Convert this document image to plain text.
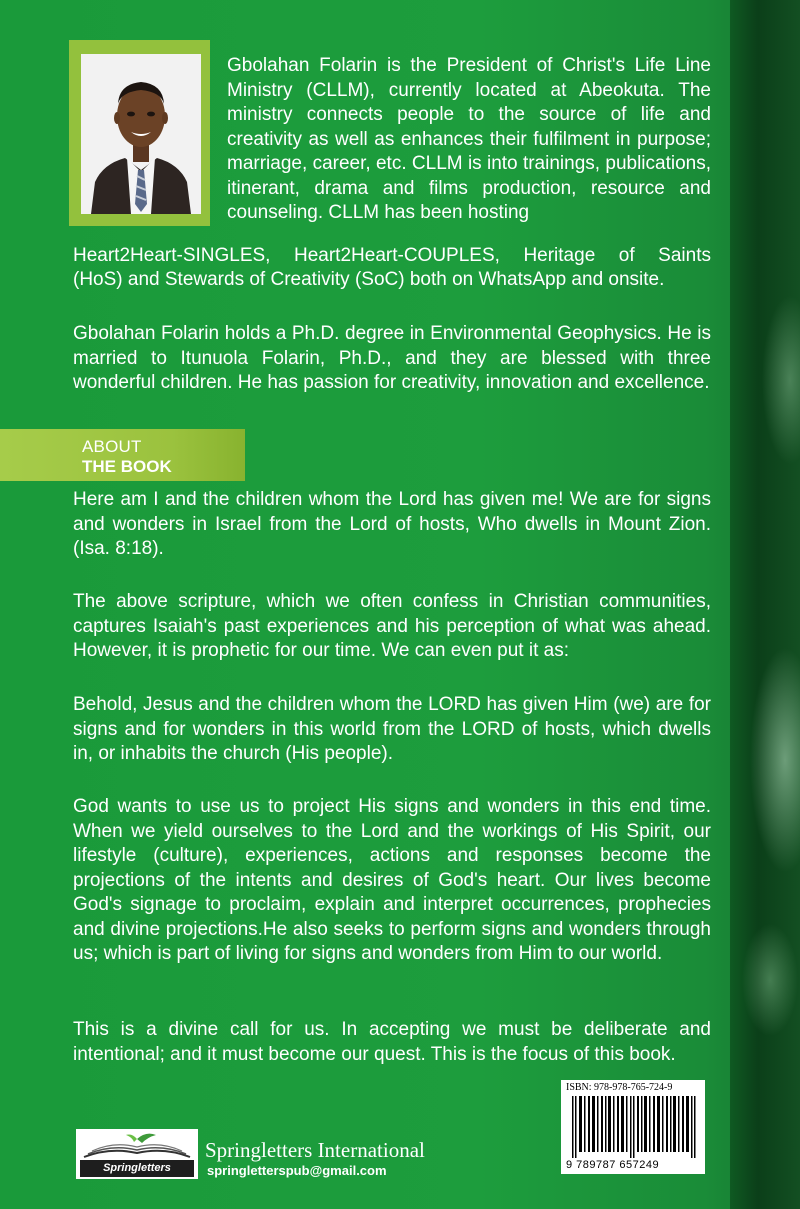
Gbolahan Folarin is the President of Christ's Life Line Ministry (CLLM), currently located at Abeokuta. The ministry connects people to the source of life and creativity as well as enhances their fulfilment in purpose; marriage, career, etc. CLLM is into trainings, publications, itinerant, drama and films production, resource and counseling. CLLM has been hosting

Heart2Heart-SINGLES, Heart2Heart-COUPLES, Heritage of Saints

(HoS) and Stewards of Creativity (SoC) both on WhatsApp and onsite.

Gbolahan Folarin holds a Ph.D. degree in Environmental Geophysics. He is married to Itunuola Folarin, Ph.D., and they are blessed with three wonderful children. He has passion for creativity, innovation and excellence.

ABOUT
THE BOOK

Here am I and the children whom the Lord has given me! We are for signs and wonders in Israel from the Lord of hosts, Who dwells in Mount Zion. (Isa. 8:18).

The above scripture, which we often confess in Christian communities, captures Isaiah's past experiences and his perception of what was ahead. However, it is prophetic for our time. We can even put it as:

Behold, Jesus and the children whom the LORD has given Him (we) are for signs and for wonders in this world from the LORD of hosts, which dwells in, or inhabits the church (His people).

God wants to use us to project His signs and wonders in this end time. When we yield ourselves to the Lord and the workings of His Spirit, our lifestyle (culture), experiences, actions and responses become the projections of the intents and desires of God's heart. Our lives become God's signage to proclaim, explain and interpret occurrences, prophecies and divine projections.He also seeks to perform signs and wonders through us; which is part of living for signs and wonders from Him to our world.

This is a divine call for us. In accepting we must be deliberate and intentional; and it must become our quest. This is the focus of this book.

ISBN: 978-978-765-724-9
9 789787 657249
Springletters
Springletters International
springletterspub@gmail.com
